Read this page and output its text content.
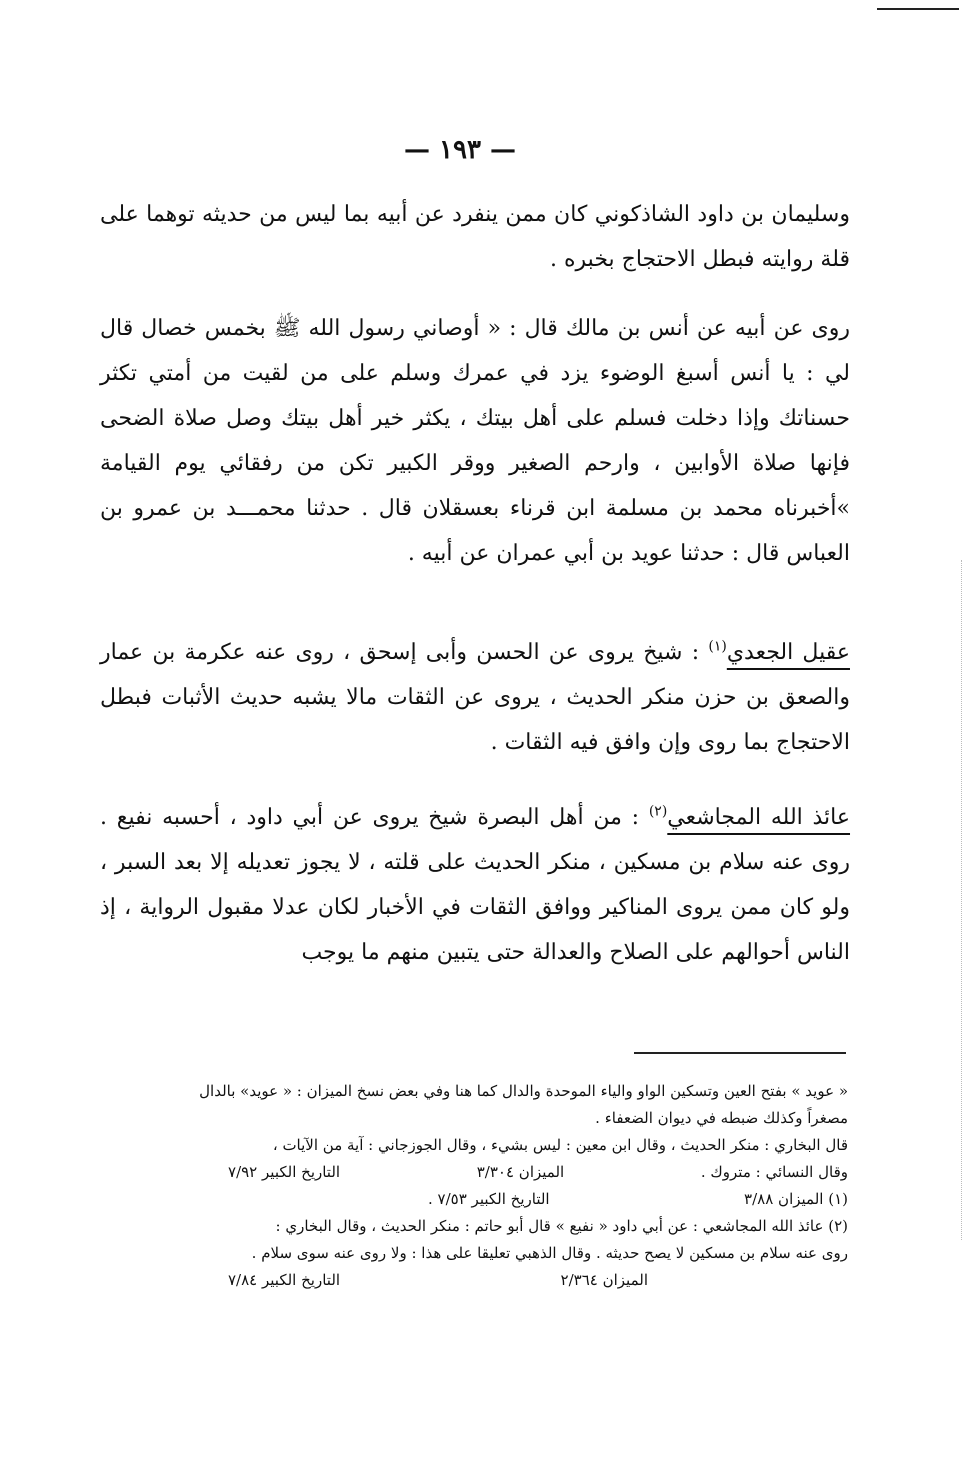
— ١٩٣ —
وسليمان بن داود الشاذكوني كان ممن ينفرد عن أبيه بما ليس من حديثه توهما على قلة روايته فبطل الاحتجاج بخبره .
روى عن أبيه عن أنس بن مالك قال : « أوصاني رسول الله ﷺ بخمس خصال قال لي : يا أنس أسبغ الوضوء يزد في عمرك وسلم على من لقيت من أمتي تكثر حسناتك وإذا دخلت فسلم على أهل بيتك ، يكثر خير أهل بيتك وصل صلاة الضحى فإنها صلاة الأوابين ، وارحم الصغير ووقر الكبير تكن من رفقائي يوم القيامة »أخبرناه محمد بن مسلمة ابن قرناء بعسقلان قال . حدثنا محمـــد بن عمرو بن العباس قال : حدثنا عويد بن أبي عمران عن أبيه .
عقيل الجعدي$^{(١)}$ : شيخ يروى عن الحسن وأبى إسحق ، روى عنه عكرمة بن عمار والصعق بن حزن منكر الحديث ، يروى عن الثقات مالا يشبه حديث الأثبات فبطل الاحتجاج بما روى وإن وافق فيه الثقات .
عائذ الله المجاشعي$^{(٢)}$ : من أهل البصرة شيخ يروى عن أبي داود ، أحسبه نفيع . روى عنه سلام بن مسكين ، منكر الحديث على قلته ، لا يجوز تعديله إلا بعد السبر ، ولو كان ممن يروى المناكير ووافق الثقات في الأخبار لكان عدلا مقبول الرواية ، إذ الناس أحوالهم على الصلاح والعدالة حتى يتبين منهم ما يوجب
« عويد » بفتح العين وتسكين الواو والياء الموحدة والدال كما هنا وفي بعض نسخ الميزان : « عويد» بالدال
مصغراً وكذلك ضبطه في ديوان الضعفاء .
قال البخاري : منكر الحديث ، وقال ابن معين : ليس بشيء ، وقال الجوزجاني : آية من الآيات ،
وقال النسائي : متروك .
الميزان ٣/٣٠٤
التاريخ الكبير ٧/٩٢
(١) الميزان ٣/٨٨
التاريخ الكبير ٧/٥٣ .
(٢) عائذ الله المجاشعي : عن أبي داود « نفيع » قال أبو حاتم : منكر الحديث ، وقال البخاري :
روى عنه سلام بن مسكين لا يصح حديثه . وقال الذهبي تعليقا على هذا : ولا روى عنه سوى سلام .
الميزان ٢/٣٦٤
التاريخ الكبير ٧/٨٤
